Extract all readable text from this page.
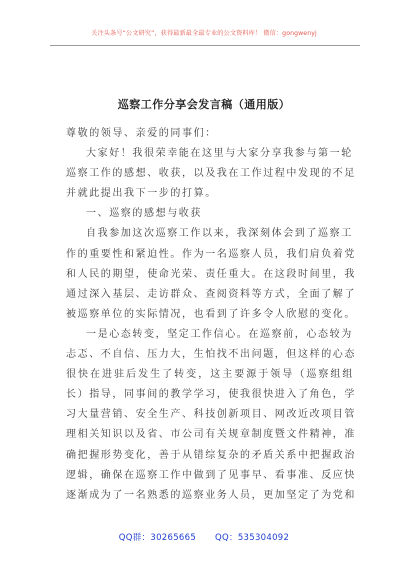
关注头条号“公文研究”，获得最新最全最专业的公文资料库！ 微信：gongwenyj
巡察工作分享会发言稿（通用版）
尊敬的领导、亲爱的同事们：
大家好！我很荣幸能在这里与大家分享我参与第一轮
巡察工作的感想、收获，以及我在工作过程中发现的不足
并就此提出我下一步的打算。
一、巡察的感想与收获
自我参加这次巡察工作以来，我深刻体会到了巡察工
作的重要性和紧迫性。作为一名巡察人员，我们肩负着党
和人民的期望，使命光荣、责任重大。在这段时间里，我
通过深入基层、走访群众、查阅资料等方式，全面了解了
被巡察单位的实际情况，也看到了许多令人欣慰的变化。
一是心态转变，坚定工作信心。在巡察前，心态较为
忐忑、不自信、压力大，生怕找不出问题，但这样的心态
很快在进驻后发生了转变，这主要源于领导（巡察组组
长）指导，同事间的教学学习，使我很快进入了角色，学
习大量营销、安全生产、科技创新项目、网改近改项目管
理相关知识以及省、市公司有关规章制度暨文件精神，准
确把握形势变化，善于从错综复杂的矛盾关系中把握政治
逻辑，确保在巡察工作中做到了见事早、看事准、反应快
逐渐成为了一名熟悉的巡察业务人员，更加坚定了为党和
QQ群：30265665 QQ：535304092
